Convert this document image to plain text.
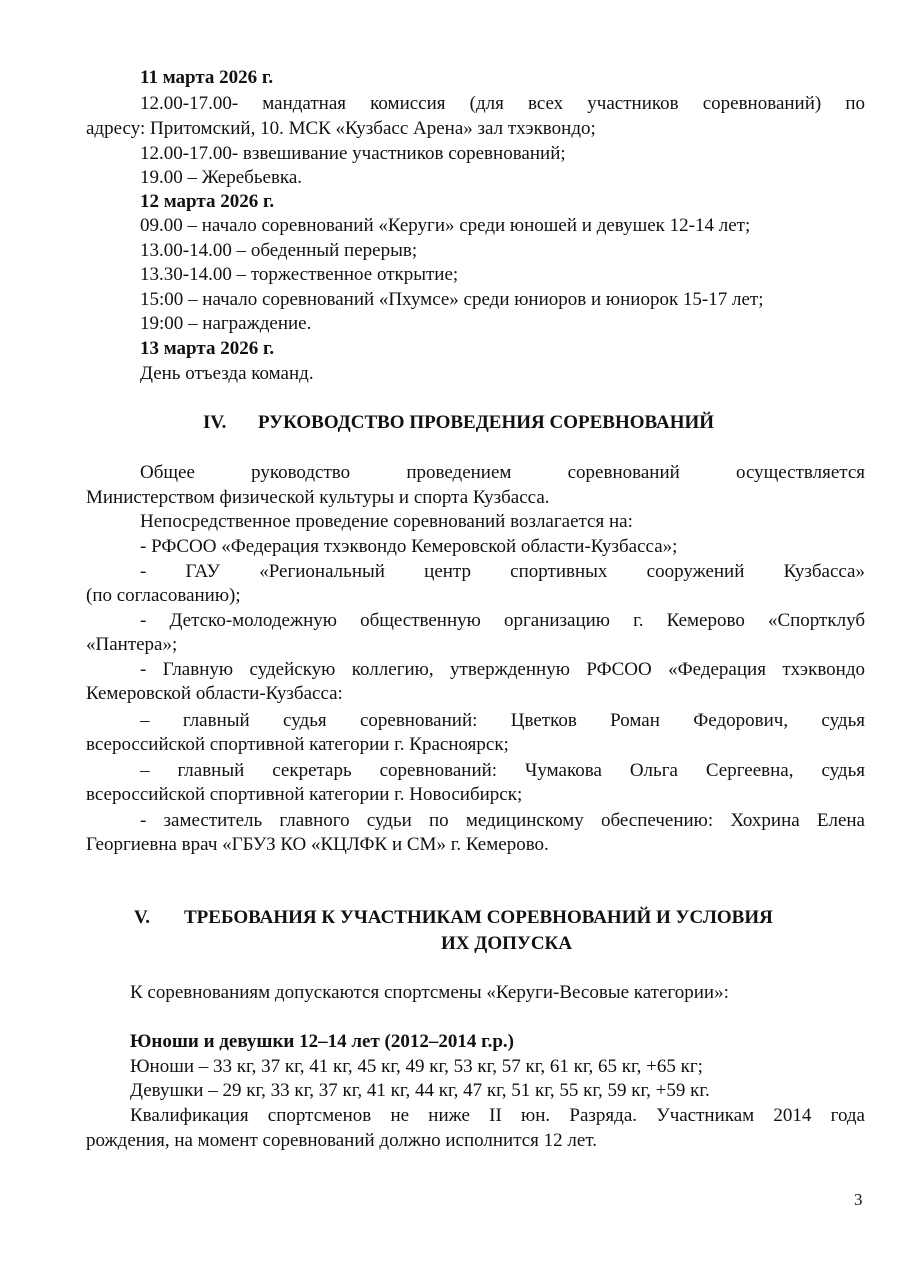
11 марта 2026 г.
12.00-17.00- мандатная комиссия (для всех участников соревнований) по
адресу: Притомский, 10. МСК «Кузбасс Арена» зал тхэквондо;
12.00-17.00- взвешивание участников соревнований;
19.00 – Жеребьевка.
12 марта 2026 г.
09.00 – начало соревнований «Керуги» среди юношей и девушек 12-14 лет;
13.00-14.00 – обеденный перерыв;
13.30-14.00 – торжественное открытие;
15:00 – начало соревнований «Пхумсе» среди юниоров и юниорок 15-17 лет;
19:00 – награждение.
13 марта 2026 г.
День отъезда команд.
IV. РУКОВОДСТВО ПРОВЕДЕНИЯ СОРЕВНОВАНИЙ
Общее руководство проведением соревнований осуществляется
Министерством физической культуры и спорта Кузбасса.
Непосредственное проведение соревнований возлагается на:
- РФСОО «Федерация тхэквондо Кемеровской области-Кузбасса»;
- ГАУ «Региональный центр спортивных сооружений Кузбасса»
(по согласованию);
- Детско-молодежную общественную организацию г. Кемерово «Спортклуб
«Пантера»;
- Главную судейскую коллегию, утвержденную РФСОО «Федерация тхэквондо
Кемеровской области-Кузбасса:
– главный судья соревнований: Цветков Роман Федорович, судья
всероссийской спортивной категории г. Красноярск;
– главный секретарь соревнований: Чумакова Ольга Сергеевна, судья
всероссийской спортивной категории г. Новосибирск;
- заместитель главного судьи по медицинскому обеспечению: Хохрина Елена
Георгиевна врач «ГБУЗ КО «КЦЛФК и СМ» г. Кемерово.
V. ТРЕБОВАНИЯ К УЧАСТНИКАМ СОРЕВНОВАНИЙ И УСЛОВИЯ
ИХ ДОПУСКА
К соревнованиям допускаются спортсмены «Керуги-Весовые категории»:
Юноши и девушки 12–14 лет (2012–2014 г.р.)
Юноши – 33 кг, 37 кг, 41 кг, 45 кг, 49 кг, 53 кг, 57 кг, 61 кг, 65 кг, +65 кг;
Девушки – 29 кг, 33 кг, 37 кг, 41 кг, 44 кг, 47 кг, 51 кг, 55 кг, 59 кг, +59 кг.
Квалификация спортсменов не ниже II юн. Разряда. Участникам 2014 года
рождения, на момент соревнований должно исполнится 12 лет.
3
